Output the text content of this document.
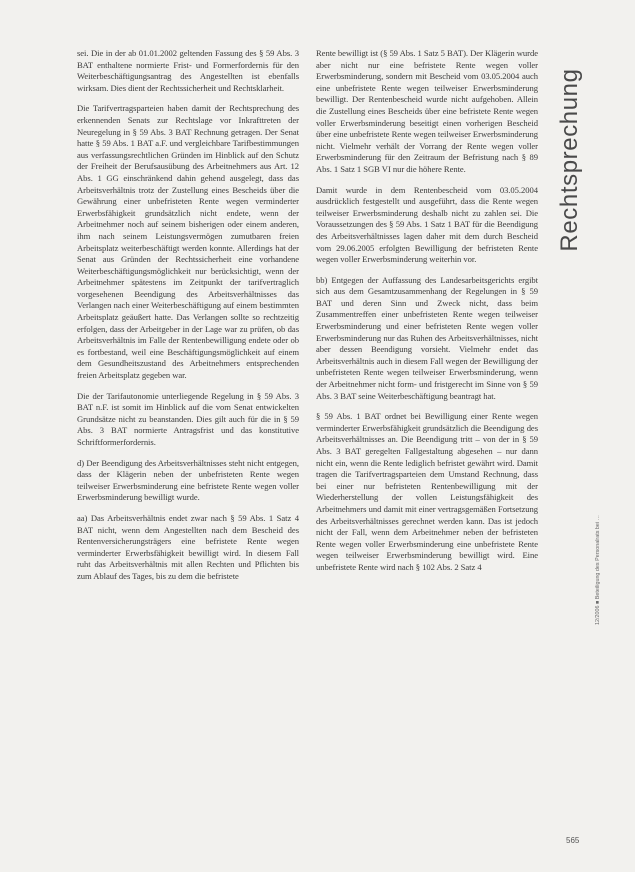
sei. Die in der ab 01.01.2002 geltenden Fassung des § 59 Abs. 3 BAT enthaltene normierte Frist- und Formerfordernis für den Weiterbeschäftigungsantrag des Angestellten ist ebenfalls wirksam. Dies dient der Rechtssicherheit und Rechtsklarheit.

Die Tarifvertragsparteien haben damit der Rechtsprechung des erkennenden Senats zur Rechtslage vor Inkrafttreten der Neuregelung in § 59 Abs. 3 BAT Rechnung getragen. Der Senat hatte § 59 Abs. 1 BAT a.F. und vergleichbare Tarifbestimmungen aus verfassungsrechtlichen Gründen im Hinblick auf den Schutz der Freiheit der Berufsausübung des Arbeitnehmers aus Art. 12 Abs. 1 GG einschränkend dahin gehend ausgelegt, dass das Arbeitsverhältnis trotz der Zustellung eines Bescheids über die Gewährung einer unbefristeten Rente wegen verminderter Erwerbsfähigkeit grundsätzlich nicht endete, wenn der Arbeitnehmer noch auf seinem bisherigen oder einem anderen, ihm nach seinem Leistungsvermögen zumutbaren freien Arbeitsplatz weiterbeschäftigt werden konnte. Allerdings hat der Senat aus Gründen der Rechtssicherheit eine vorhandene Weiterbeschäftigungsmöglichkeit nur berücksichtigt, wenn der Arbeitnehmer spätestens im Zeitpunkt der tarifvertraglich vorgesehenen Beendigung des Arbeitsverhältnisses das Verlangen nach einer Weiterbeschäftigung auf einem bestimmten Arbeitsplatz geäußert hatte. Das Verlangen sollte so rechtzeitig erfolgen, dass der Arbeitgeber in der Lage war zu prüfen, ob das Arbeitsverhältnis im Falle der Rentenbewilligung endete oder ob es fortbestand, weil eine Beschäftigungsmöglichkeit auf einem dem Gesundheitszustand des Arbeitnehmers entsprechenden freien Arbeitsplatz gegeben war.

Die der Tarifautonomie unterliegende Regelung in § 59 Abs. 3 BAT n.F. ist somit im Hinblick auf die vom Senat entwickelten Grundsätze nicht zu beanstanden. Dies gilt auch für die in § 59 Abs. 3 BAT normierte Antragsfrist und das konstitutive Schriftformerfordernis.

d) Der Beendigung des Arbeitsverhältnisses steht nicht entgegen, dass der Klägerin neben der unbefristeten Rente wegen teilweiser Erwerbsminderung eine befristete Rente wegen voller Erwerbsminderung bewilligt wurde.

aa) Das Arbeitsverhältnis endet zwar nach § 59 Abs. 1 Satz 4 BAT nicht, wenn dem Angestellten nach dem Bescheid des Rentenversicherungsträgers eine befristete Rente wegen verminderter Erwerbsfähigkeit bewilligt wird. In diesem Fall ruht das Arbeitsverhältnis mit allen Rechten und Pflichten bis zum Ablauf des Tages, bis zu dem die befristete

Rente bewilligt ist (§ 59 Abs. 1 Satz 5 BAT). Der Klägerin wurde aber nicht nur eine befristete Rente wegen voller Erwerbsminderung, sondern mit Bescheid vom 03.05.2004 auch eine unbefristete Rente wegen teilweiser Erwerbsminderung bewilligt. Der Rentenbescheid wurde nicht aufgehoben. Allein die Zustellung eines Bescheids über eine befristete Rente wegen voller Erwerbsminderung beseitigt einen vorherigen Bescheid über eine unbefristete Rente wegen teilweiser Erwerbsminderung nicht. Vielmehr verhält der Vorrang der Rente wegen voller Erwerbsminderung für den Zeitraum der Befristung nach § 89 Abs. 1 Satz 1 SGB VI nur die höhere Rente.

Damit wurde in dem Rentenbescheid vom 03.05.2004 ausdrücklich festgestellt und ausgeführt, dass die Rente wegen teilweiser Erwerbsminderung deshalb nicht zu zahlen sei. Die Voraussetzungen des § 59 Abs. 1 Satz 1 BAT für die Beendigung des Arbeitsverhältnisses lagen daher mit dem durch Bescheid vom 29.06.2005 erfolgten Bewilligung der befristeten Rente wegen voller Erwerbsminderung weiterhin vor.

bb) Entgegen der Auffassung des Landesarbeitsgerichts ergibt sich aus dem Gesamtzusammenhang der Regelungen in § 59 BAT und deren Sinn und Zweck nicht, dass beim Zusammentreffen einer unbefristeten Rente wegen teilweiser Erwerbsminderung und einer befristeten Rente wegen voller Erwerbsminderung nur das Ruhen des Arbeitsverhältnisses, nicht aber dessen Beendigung vorsieht. Vielmehr endet das Arbeitsverhältnis auch in diesem Fall wegen der Bewilligung der unbefristeten Rente wegen teilweiser Erwerbsminderung, wenn der Arbeitnehmer nicht form- und fristgerecht im Sinne von § 59 Abs. 3 BAT seine Weiterbeschäftigung beantragt hat.

§ 59 Abs. 1 BAT ordnet bei Bewilligung einer Rente wegen verminderter Erwerbsfähigkeit grundsätzlich die Beendigung des Arbeitsverhältnisses an. Die Beendigung tritt – von der in § 59 Abs. 3 BAT geregelten Fallgestaltung abgesehen – nur dann nicht ein, wenn die Rente lediglich befristet gewährt wird. Damit tragen die Tarifvertragsparteien dem Umstand Rechnung, dass bei einer nur befristeten Rentenbewilligung mit der Wiederherstellung der vollen Leistungsfähigkeit des Arbeitnehmers und damit mit einer vertragsgemäßen Fortsetzung des Arbeitsverhältnisses gerechnet werden kann. Das ist jedoch nicht der Fall, wenn dem Arbeitnehmer neben der befristeten Rente wegen voller Erwerbsminderung eine unbefristete Rente wegen teilweiser Erwerbsminderung bewilligt wird. Eine unbefristete Rente wird nach § 102 Abs. 2 Satz 4

Rechtsprechung
12/2006 ■ Beteiligung des Personalrats bei …
565
